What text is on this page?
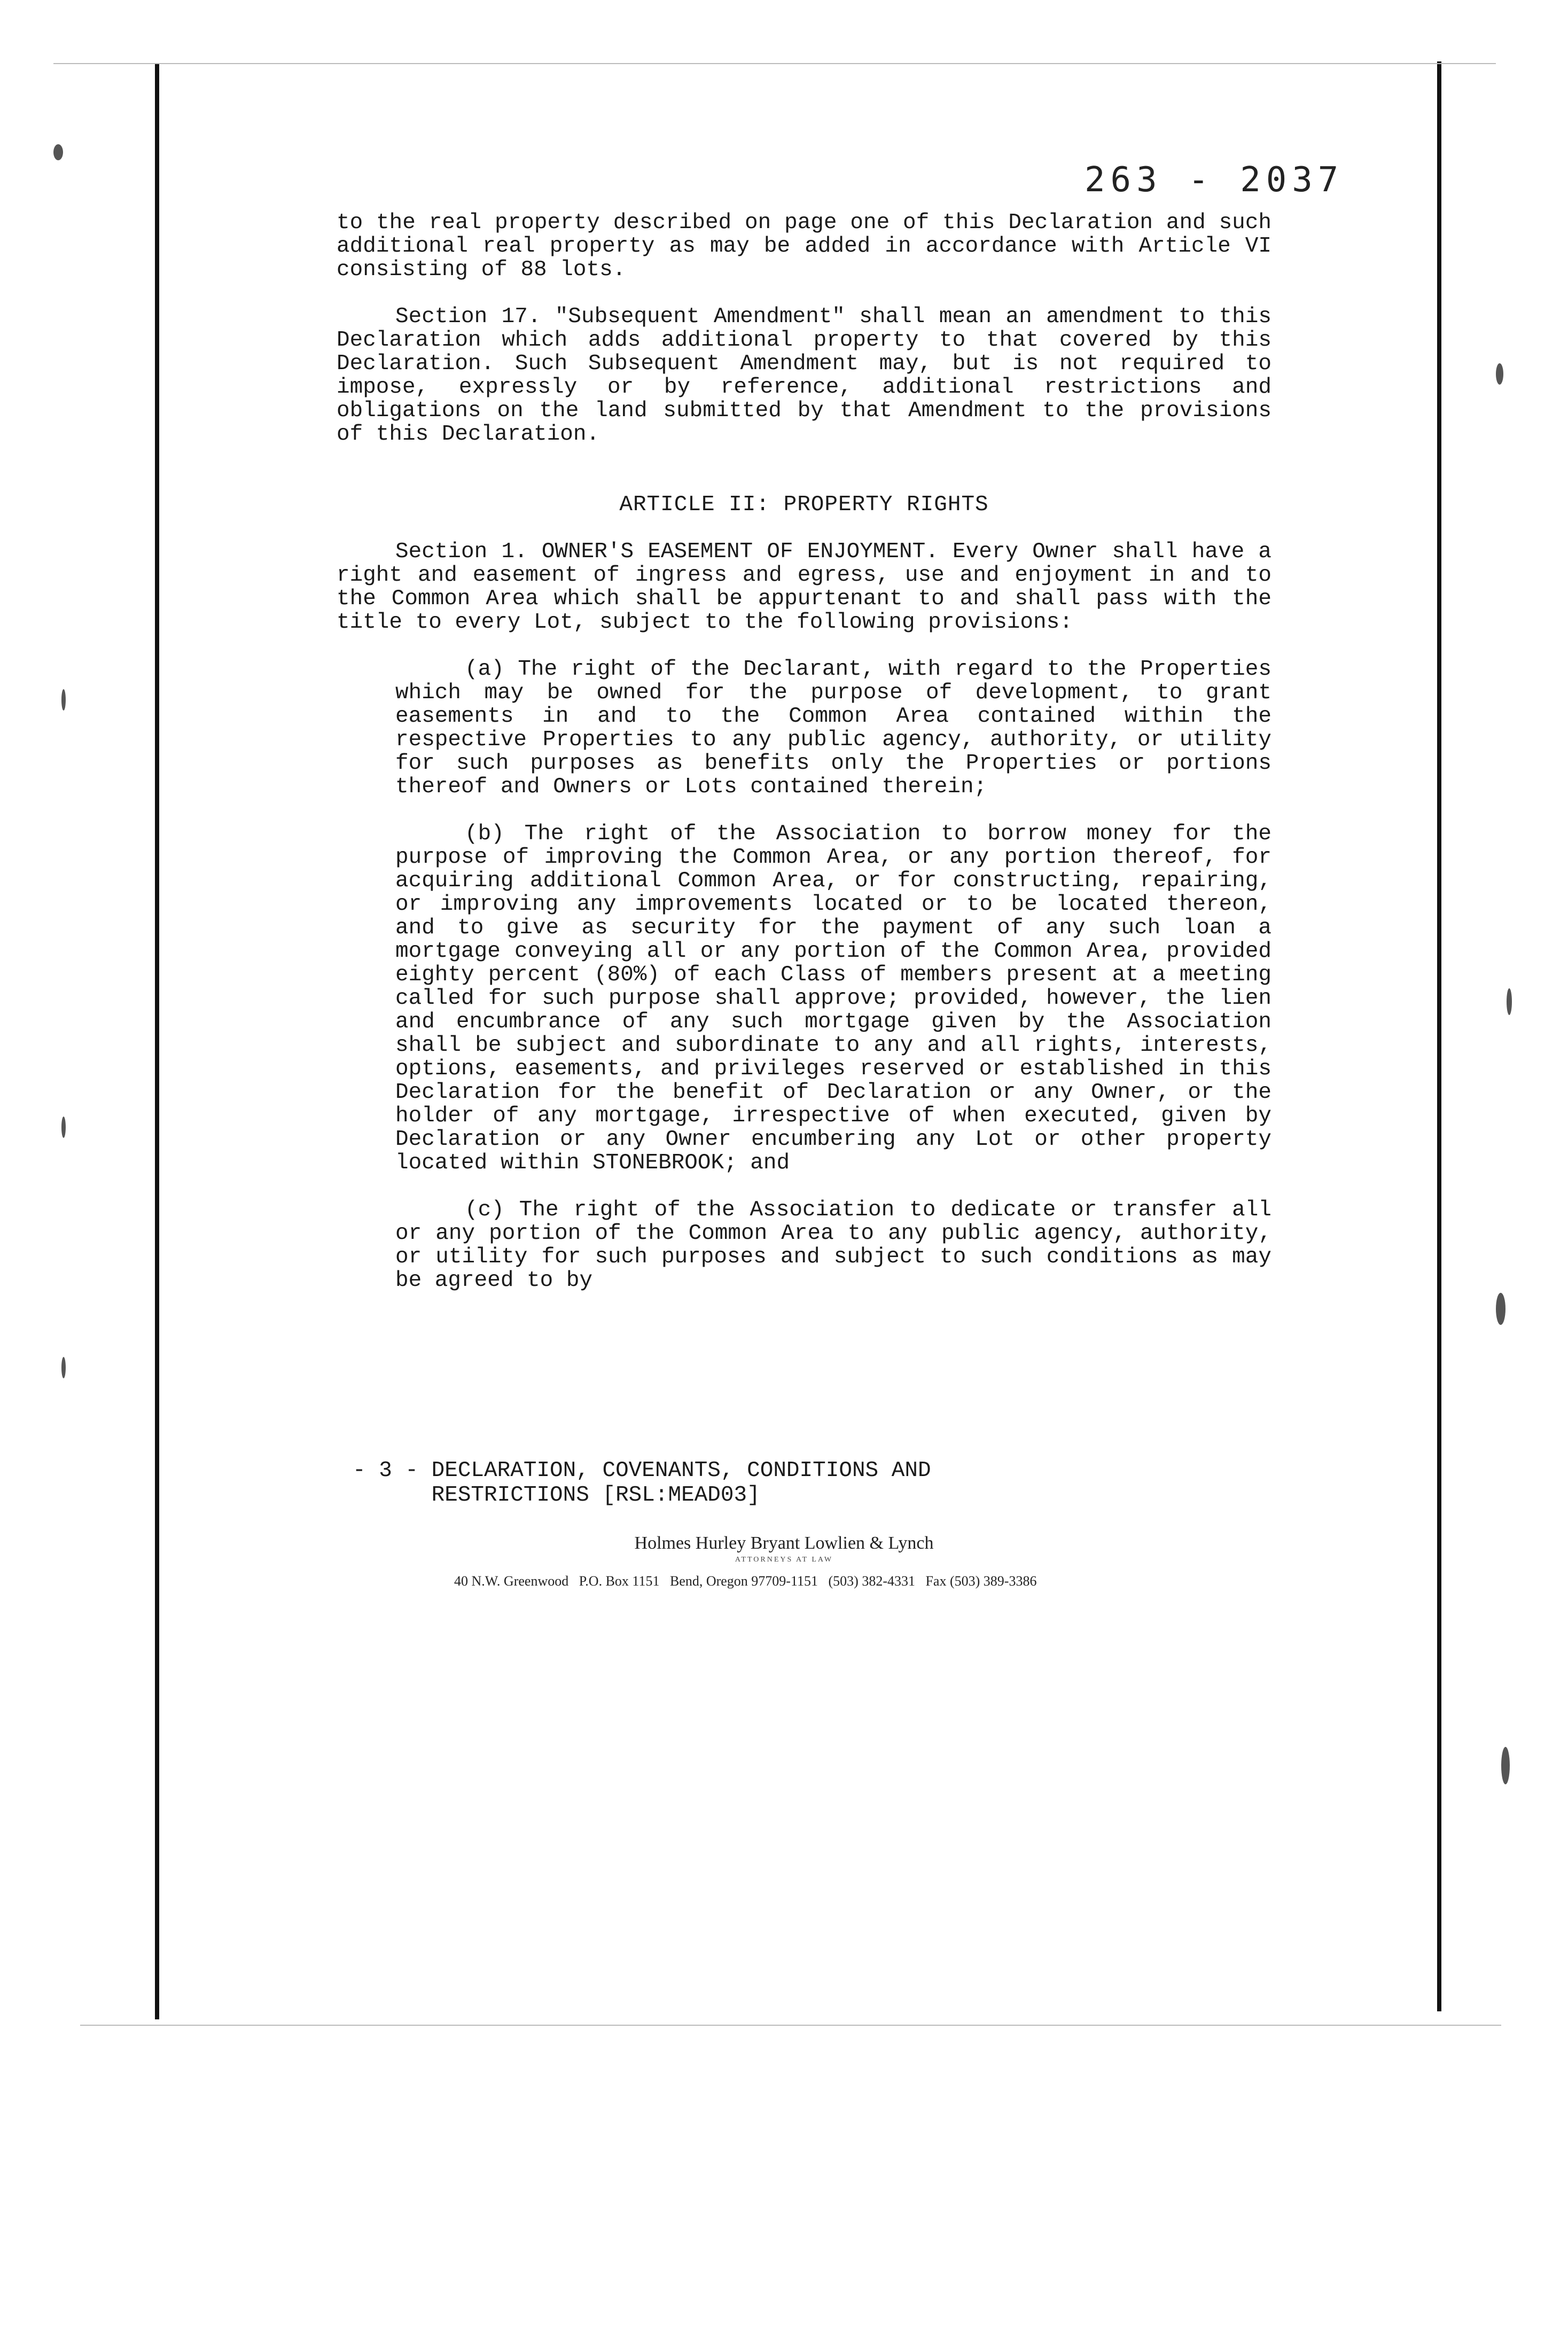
263 - 2037

to the real property described on page one of this Declaration and such additional real property as may be added in accordance with Article VI consisting of 88 lots.

Section 17. "Subsequent Amendment" shall mean an amendment to this Declaration which adds additional property to that covered by this Declaration. Such Subsequent Amendment may, but is not required to impose, expressly or by reference, additional restrictions and obligations on the land submitted by that Amendment to the provisions of this Declaration.

ARTICLE II: PROPERTY RIGHTS

Section 1. OWNER'S EASEMENT OF ENJOYMENT. Every Owner shall have a right and easement of ingress and egress, use and enjoyment in and to the Common Area which shall be appurtenant to and shall pass with the title to every Lot, subject to the following provisions:

(a) The right of the Declarant, with regard to the Properties which may be owned for the purpose of development, to grant easements in and to the Common Area contained within the respective Properties to any public agency, authority, or utility for such purposes as benefits only the Properties or portions thereof and Owners or Lots contained therein;

(b) The right of the Association to borrow money for the purpose of improving the Common Area, or any portion thereof, for acquiring additional Common Area, or for constructing, repairing, or improving any improvements located or to be located thereon, and to give as security for the payment of any such loan a mortgage conveying all or any portion of the Common Area, provided eighty percent (80%) of each Class of members present at a meeting called for such purpose shall approve; provided, however, the lien and encumbrance of any such mortgage given by the Association shall be subject and subordinate to any and all rights, interests, options, easements, and privileges reserved or established in this Declaration for the benefit of Declaration or any Owner, or the holder of any mortgage, irrespective of when executed, given by Declaration or any Owner encumbering any Lot or other property located within STONEBROOK; and

(c) The right of the Association to dedicate or transfer all or any portion of the Common Area to any public agency, authority, or utility for such purposes and subject to such conditions as may be agreed to by

- 3 - DECLARATION, COVENANTS, CONDITIONS AND
RESTRICTIONS [RSL:MEAD03]
Holmes Hurley Bryant Lowlien & Lynch
ATTORNEYS AT LAW
40 N.W. Greenwood   P.O. Box 1151   Bend, Oregon 97709-1151   (503) 382-4331   Fax (503) 389-3386
